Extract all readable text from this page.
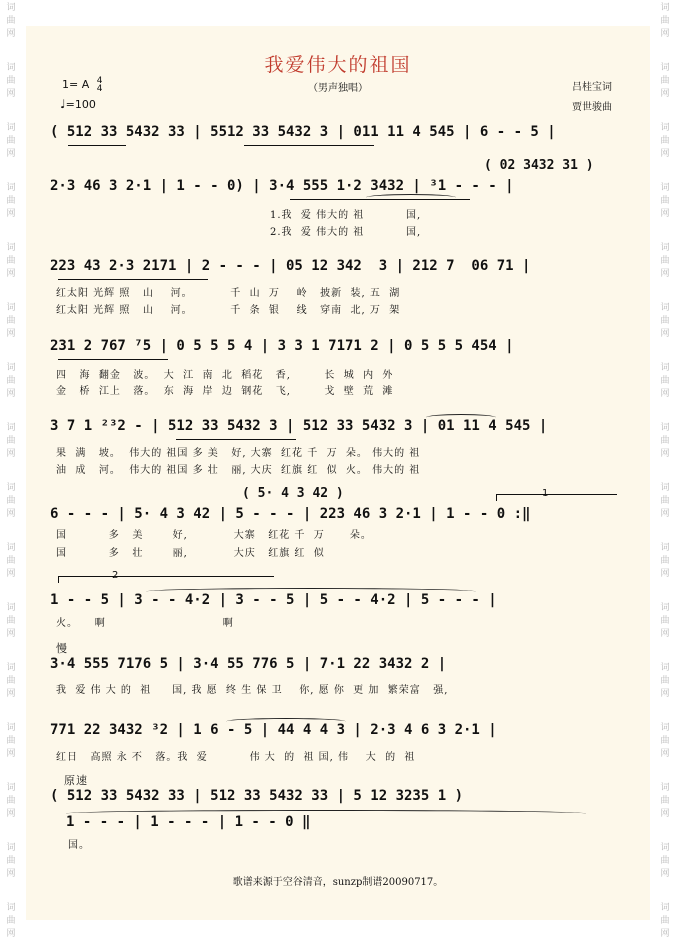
词
曲
网
词
曲
网
词
曲
网
词
曲
网
词
曲
网
词
曲
网
词
曲
网
词
曲
网
词
曲
网
词
曲
网
词
曲
网
词
曲
网
词
曲
网
词
曲
网
词
曲
网
词
曲
网
词
曲
网
词
曲
网
词
曲
网
词
曲
网
词
曲
网
词
曲
网
词
曲
网
词
曲
网
词
曲
网
词
曲
网
词
曲
网
词
曲
网
词
曲
网
词
曲
网
词
曲
网
词
曲
网
我爱伟大的祖国
（男声独唱）
1= A 4
4
♩=100
吕桂宝词
贾世骏曲
( 512 33 5432 33 | 5512 33 5432 3 | 011 11 4 545 | 6 - - 5 |
( 02 3432 31 )
2·3 46 3 2·1 | 1 - - 0) | 3·4 555 1·2 3432 | ³1 - - - |
1.我  爱 伟大的 祖          国,
2.我  爱 伟大的 祖          国,
223 43 2·3 2171 | 2 - - - | 05 12 342  3 | 212 7  06 71 |
红太阳 光辉 照   山    河。         千  山  万    岭   披新  装, 五  湖
红太阳 光辉 照   山    河。         千  条  银    线   穿南  北, 万  架
231 2 767 ⁷5 | 0 5 5 5 4 | 3 3 1 7171 2 | 0 5 5 5 454 |
四   海  翻金   波。  大  江  南  北  稻花   香,        长  城  内  外
金   桥  江上   落。  东  海  岸  边  钢花   飞,        戈  壁  荒  滩
3 7 1 ²³2 - | 512 33 5432 3 | 512 33 5432 3 | 01 11 4 545 |
果  满   坡。  伟大的 祖国 多 美   好, 大寨  红花 千  万  朵。 伟大的 祖
油  成   河。  伟大的 祖国 多 壮   丽, 大庆  红旗 红  似  火。 伟大的 祖
( 5· 4 3 42 )	1
6 - - - | 5· 4 3 42 | 5 - - - | 223 46 3 2·1 | 1 - - 0 :‖
国          多   美       好,           大寨   红花 千  万      朵。
国          多   壮       丽,           大庆   红旗 红  似
2
1 - - 5 | 3 - - 4·2 | 3 - - 5 | 5 - - 4·2 | 5 - - - |
火。    啊                            啊
慢
3·4 555 7176 5 | 3·4 55 776 5 | 7·1 22 3432 2 |
我  爱 伟 大 的  祖     国, 我 愿  终 生 保 卫    你, 愿 你  更 加  繁荣富   强,
771 22 3432 ³2 | 1 6 - 5 | 44 4 4 3 | 2·3 4 6 3 2·1 |
红日   高照 永 不   落。我  爱          伟 大  的  祖 国, 伟    大  的  祖
原速
( 512 33 5432 33 | 512 33 5432 33 | 5 12 3235 1 )
1 - - - | 1 - - - | 1 - - 0 ‖
国。
歌谱来源于空谷清音，sunzp制谱20090717。
